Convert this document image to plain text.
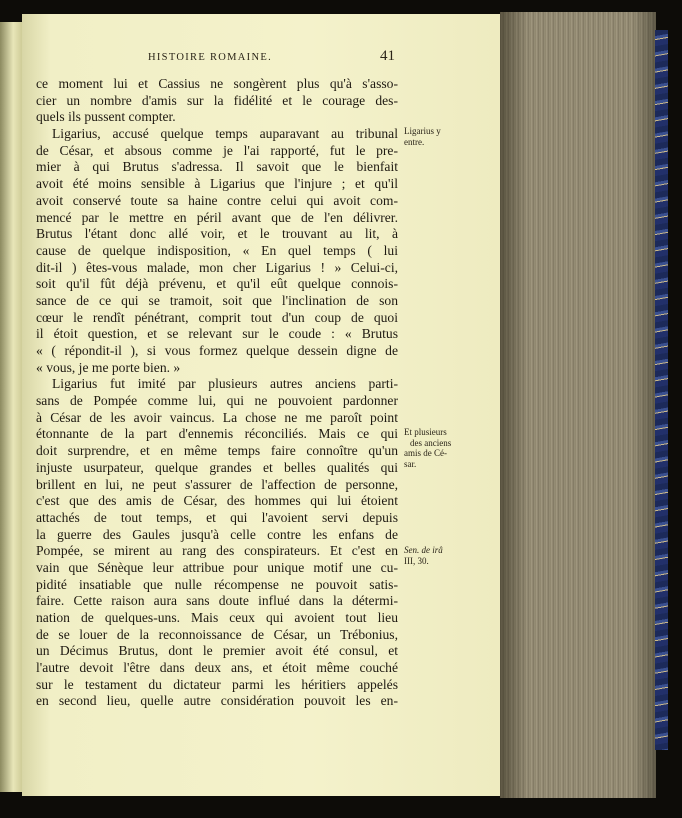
HISTOIRE ROMAINE.	41
ce moment lui et Cassius ne songèrent plus qu'à s'asso-
cier un nombre d'amis sur la fidélité et le courage des-
quels ils pussent compter.
Ligarius, accusé quelque temps auparavant au tribunal
de César, et absous comme je l'ai rapporté, fut le pre-
mier à qui Brutus s'adressa. Il savoit que le bienfait
avoit été moins sensible à Ligarius que l'injure ; et qu'il
avoit conservé toute sa haine contre celui qui avoit com-
mencé par le mettre en péril avant que de l'en délivrer.
Brutus l'étant donc allé voir, et le trouvant au lit, à
cause de quelque indisposition, « En quel temps ( lui
dit-il ) êtes-vous malade, mon cher Ligarius ! » Celui-ci,
soit qu'il fût déjà prévenu, et qu'il eût quelque connois-
sance de ce qui se tramoit, soit que l'inclination de son
cœur le rendît pénétrant, comprit tout d'un coup de quoi
il étoit question, et se relevant sur le coude : « Brutus
« ( répondit-il ), si vous formez quelque dessein digne de
« vous, je me porte bien. »
Ligarius fut imité par plusieurs autres anciens parti-
sans de Pompée comme lui, qui ne pouvoient pardonner
à César de les avoir vaincus. La chose ne me paroît point
étonnante de la part d'ennemis réconciliés. Mais ce qui
doit surprendre, et en même temps faire connoître qu'un
injuste usurpateur, quelque grandes et belles qualités qui
brillent en lui, ne peut s'assurer de l'affection de personne,
c'est que des amis de César, des hommes qui lui étoient
attachés de tout temps, et qui l'avoient servi depuis
la guerre des Gaules jusqu'à celle contre les enfans de
Pompée, se mirent au rang des conspirateurs. Et c'est en
vain que Sénèque leur attribue pour unique motif une cu-
pidité insatiable que nulle récompense ne pouvoit satis-
faire. Cette raison aura sans doute influé dans la détermi-
nation de quelques-uns. Mais ceux qui avoient tout lieu
de se louer de la reconnoissance de César, un Trébonius,
un Décimus Brutus, dont le premier avoit été consul, et
l'autre devoit l'être dans deux ans, et étoit même couché
sur le testament du dictateur parmi les héritiers appelés
en second lieu, quelle autre considération pouvoit les en-
Ligarius y
entre.
Et plusieurs
des anciens
amis de Cé-
sar.
Sen. de irâ
III, 30.
